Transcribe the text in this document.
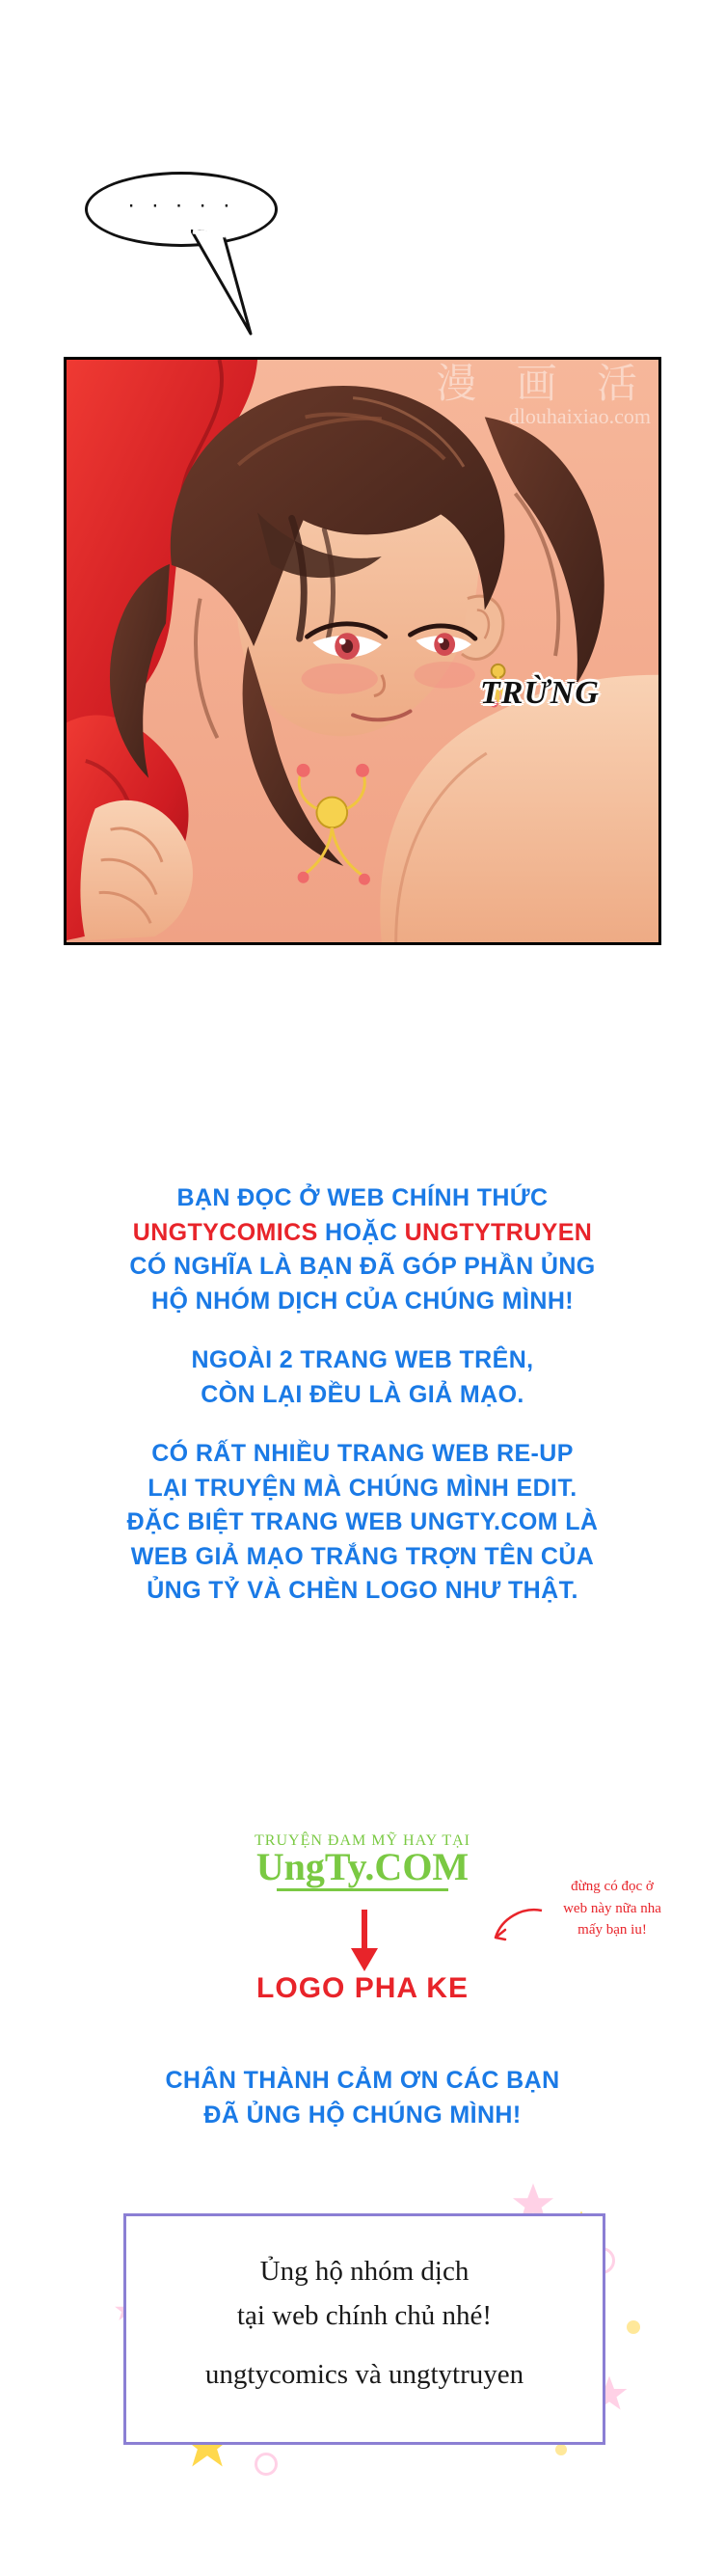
· · · · ·
漫 画 活
dlouhaixiao.com
TRỪNG

BẠN ĐỌC Ở WEB CHÍNH THỨC
UNGTYCOMICS HOẶC UNGTYTRUYEN
CÓ NGHĨA LÀ BẠN ĐÃ GÓP PHẦN ỦNG
HỘ NHÓM DỊCH CỦA CHÚNG MÌNH!

NGOÀI 2 TRANG WEB TRÊN,
CÒN LẠI ĐỀU LÀ GIẢ MẠO.

CÓ RẤT NHIỀU TRANG WEB RE-UP
LẠI TRUYỆN MÀ CHÚNG MÌNH EDIT.
ĐẶC BIỆT TRANG WEB UNGTY.COM LÀ
WEB GIẢ MẠO TRẮNG TRỢN TÊN CỦA
ỦNG TỶ VÀ CHÈN LOGO NHƯ THẬT.

TRUYỆN ĐAM MỸ HAY TẠI
UngTy.COM	đừng có đọc ở
web này nữa nha
mấy bạn iu!
LOGO PHA KE
CHÂN THÀNH CẢM ƠN CÁC BẠN
ĐÃ ỦNG HỘ CHÚNG MÌNH!
Ủng hộ nhóm dịch
tại web chính chủ nhé!
ungtycomics và ungtytruyen
